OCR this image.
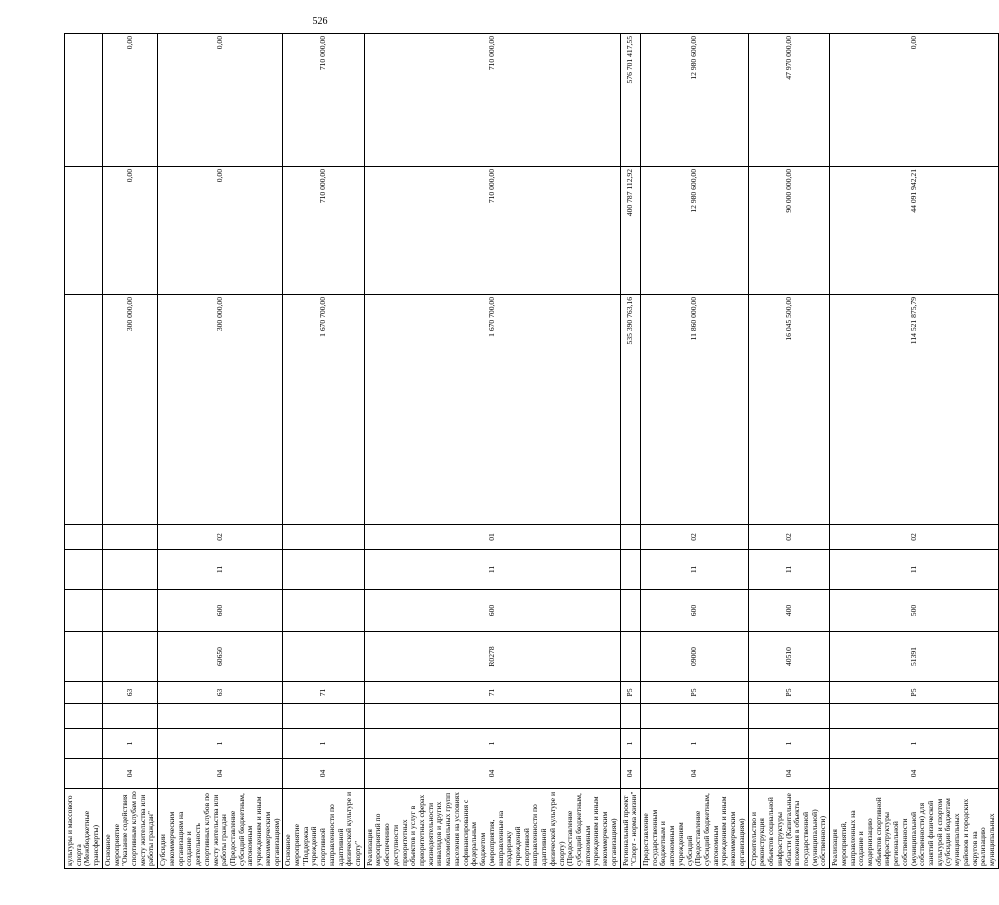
526
культуры и массового спорта (Межбюджетные трансферты)											
Основное мероприятие "Оказание содействия спортивным клубам по месту жительства или работы граждан"	04	1		63					300 000,00	0,00	0,00
Субсидии некоммерческим организациям на создание и деятельность спортивных клубов по месту жительства или работы граждан (Предоставление субсидий бюджетным, автономным учреждениям и иным некоммерческим организациям)	04	1		63	60650	600	11	02	300 000,00	0,00	0,00
Основное мероприятие "Поддержка учреждений спортивной направленности по адаптивной физической культуре и спорту"	04	1		71					1 670 700,00	710 000,00	710 000,00
Реализация мероприятий по обеспечению доступности приоритетных объектов и услуг в приоритетных сферах жизнедеятельности инвалидов и других маломобильных групп населения на условиях софинансирования с федеральным бюджетом (мероприятия, направленные на поддержку учреждений спортивной направленности по адаптивной физической культуре и спорту) (Предоставление субсидий бюджетным, автономным учреждениям и иным некоммерческим организациям)	04	1		71	R0278	600	11	01	1 670 700,00	710 000,00	710 000,00
Региональный проект "Спорт - норма жизни"	04	1		P5					535 390 763,16	400 787 112,92	576 701 417,55
Предоставление государственным бюджетным и автономным учреждениям субсидий (Предоставление субсидий бюджетным, автономным учреждениям и иным некоммерческим организациям)	04	1		P5	09000	600	11	02	11 860 000,00	12 980 600,00	12 980 600,00
Строительство и реконструкция объектов социальной инфраструктуры области (Капитальные вложения в объекты государственной (муниципальной) собственности)	04	1		P5	40510	400	11	02	16 045 500,00	90 000 000,00	47 970 000,00
Реализация мероприятий, направленных на создание и модернизацию объектов спортивной инфраструктуры региональной собственности (муниципальной собственности) для занятий физической культурой и спортом (субсидии бюджетам муниципальных районов и городских округов на реализацию муниципальных	04	1		P5	51391	500	11	02	114 521 875,79	44 091 942,21	0,00
